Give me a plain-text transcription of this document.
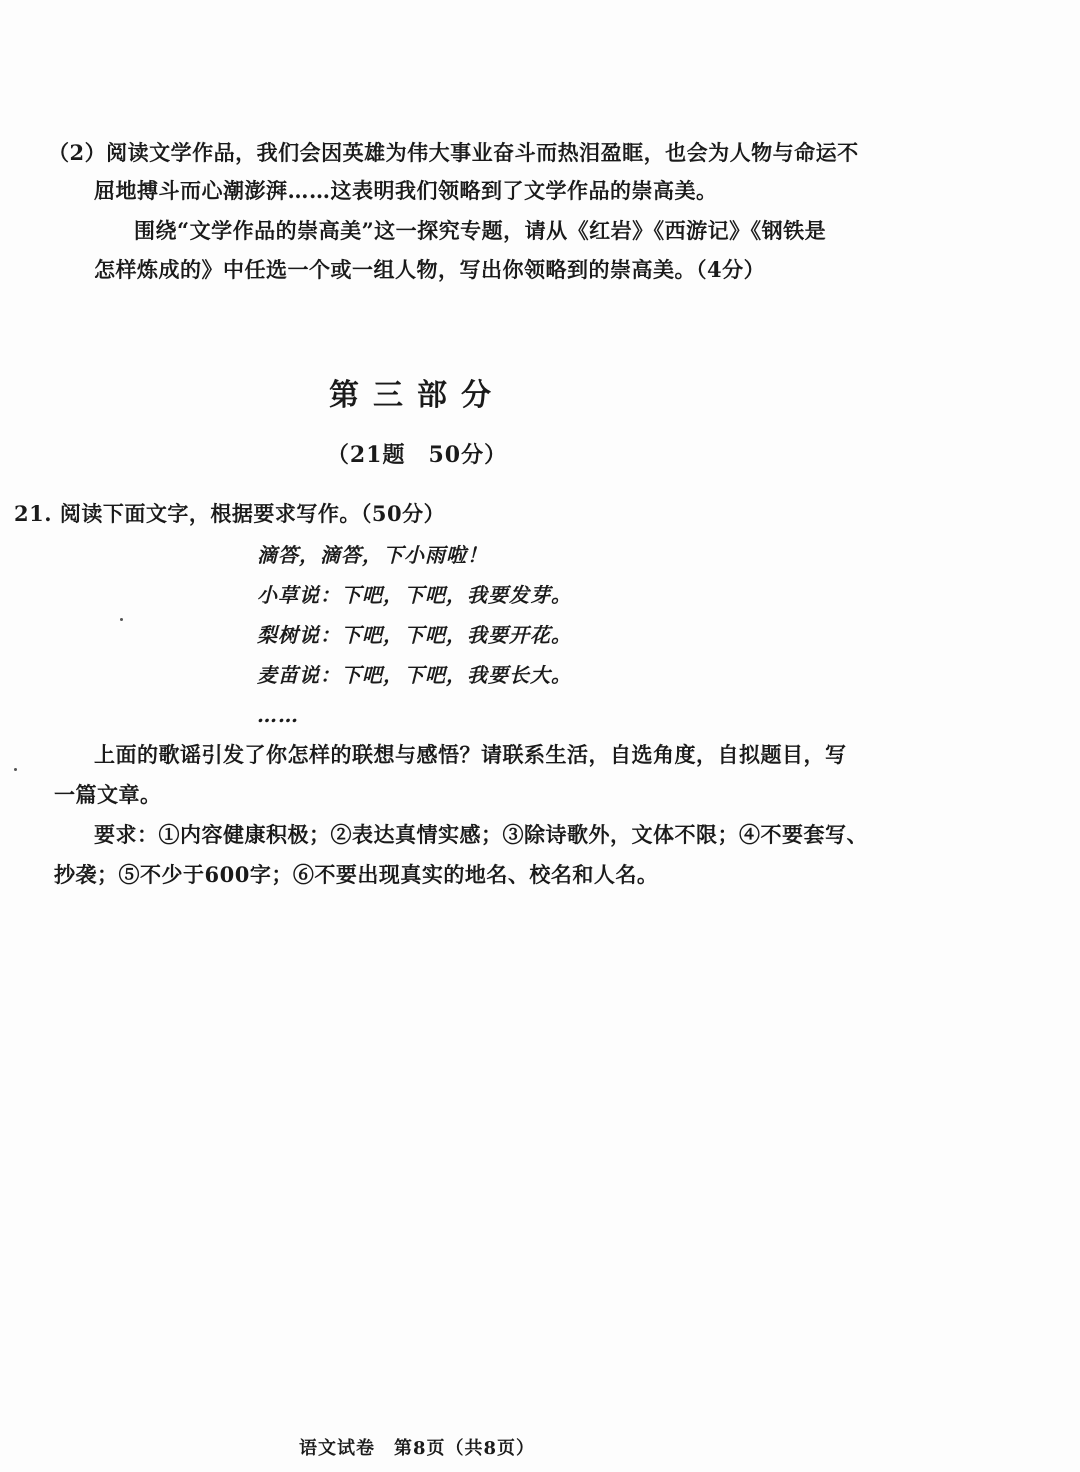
（2）阅读文学作品，我们会因英雄为伟大事业奋斗而热泪盈眶，也会为人物与命运不
屈地搏斗而心潮澎湃……这表明我们领略到了文学作品的崇高美。
围绕“文学作品的崇高美”这一探究专题，请从《红岩》《西游记》《钢铁是
怎样炼成的》中任选一个或一组人物，写出你领略到的崇高美。（4分）
第三部分
（21题　50分）
21. 阅读下面文字，根据要求写作。（50分）
滴答，滴答，下小雨啦！
小草说：下吧，下吧，我要发芽。
梨树说：下吧，下吧，我要开花。
麦苗说：下吧，下吧，我要长大。
……
上面的歌谣引发了你怎样的联想与感悟？请联系生活，自选角度，自拟题目，写
一篇文章。
要求：①内容健康积极；②表达真情实感；③除诗歌外，文体不限；④不要套写、
抄袭；⑤不少于600字；⑥不要出现真实的地名、校名和人名。
语文试卷　第8页（共8页）
